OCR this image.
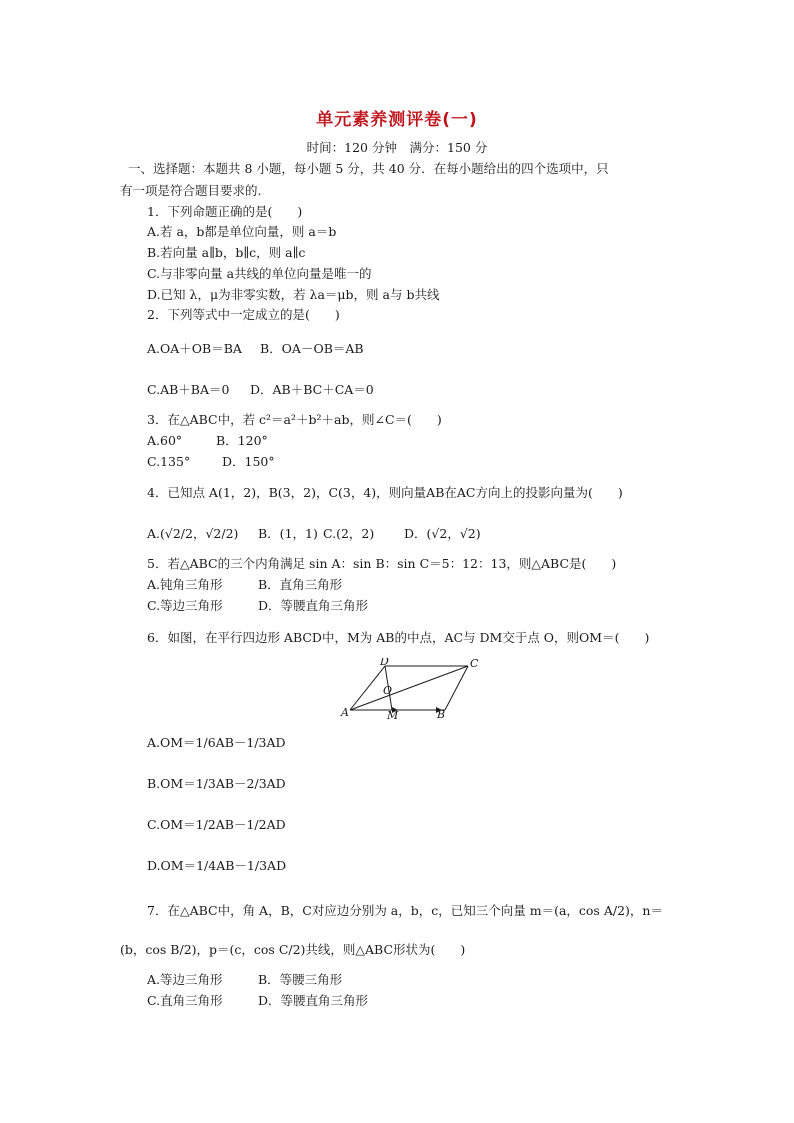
单元素养测评卷(一)
时间：120 分钟　满分：150 分
一、选择题：本题共 8 小题，每小题 5 分，共 40 分．在每小题给出的四个选项中，只
有一项是符合题目要求的.
1．下列命题正确的是(　　)
A.若 a，b都是单位向量，则 a＝b
B.若向量 a∥b，b∥c，则 a∥c
C.与非零向量 a共线的单位向量是唯一的
D.已知 λ，μ为非零实数，若 λa＝μb，则 a与 b共线
2．下列等式中一定成立的是(　　)
A.OA＋OB＝BA B．OA－OB＝AB
C.AB＋BA＝0 D．AB＋BC＋CA＝0
3．在△ABC中，若 c²＝a²＋b²＋ab，则∠C＝(　　)
A.60°	B．120°
C.135°	D．150°
4．已知点 A(1，2)，B(3，2)，C(3，4)，则向量AB在AC方向上的投影向量为(　　)
A.(√2/2，√2/2) B．(1，1) C.(2，2) D．(√2，√2)
5．若△ABC的三个内角满足 sin A：sin B：sin C＝5：12：13，则△ABC是(　　)
A.钝角三角形	B．直角三角形
C.等边三角形	D．等腰直角三角形
6．如图，在平行四边形 ABCD中，M为 AB的中点，AC与 DM交于点 O，则OM＝(　　)
D	C
O
A	M	B
A.OM＝1/6AB－1/3AD
B.OM＝1/3AB－2/3AD
C.OM＝1/2AB－1/2AD
D.OM＝1/4AB－1/3AD
7．在△ABC中，角 A，B，C对应边分别为 a，b，c，已知三个向量 m＝(a，cos A/2)，n＝
(b，cos B/2)，p＝(c，cos C/2)共线，则△ABC形状为(　　)
A.等边三角形	B．等腰三角形
C.直角三角形	D．等腰直角三角形
